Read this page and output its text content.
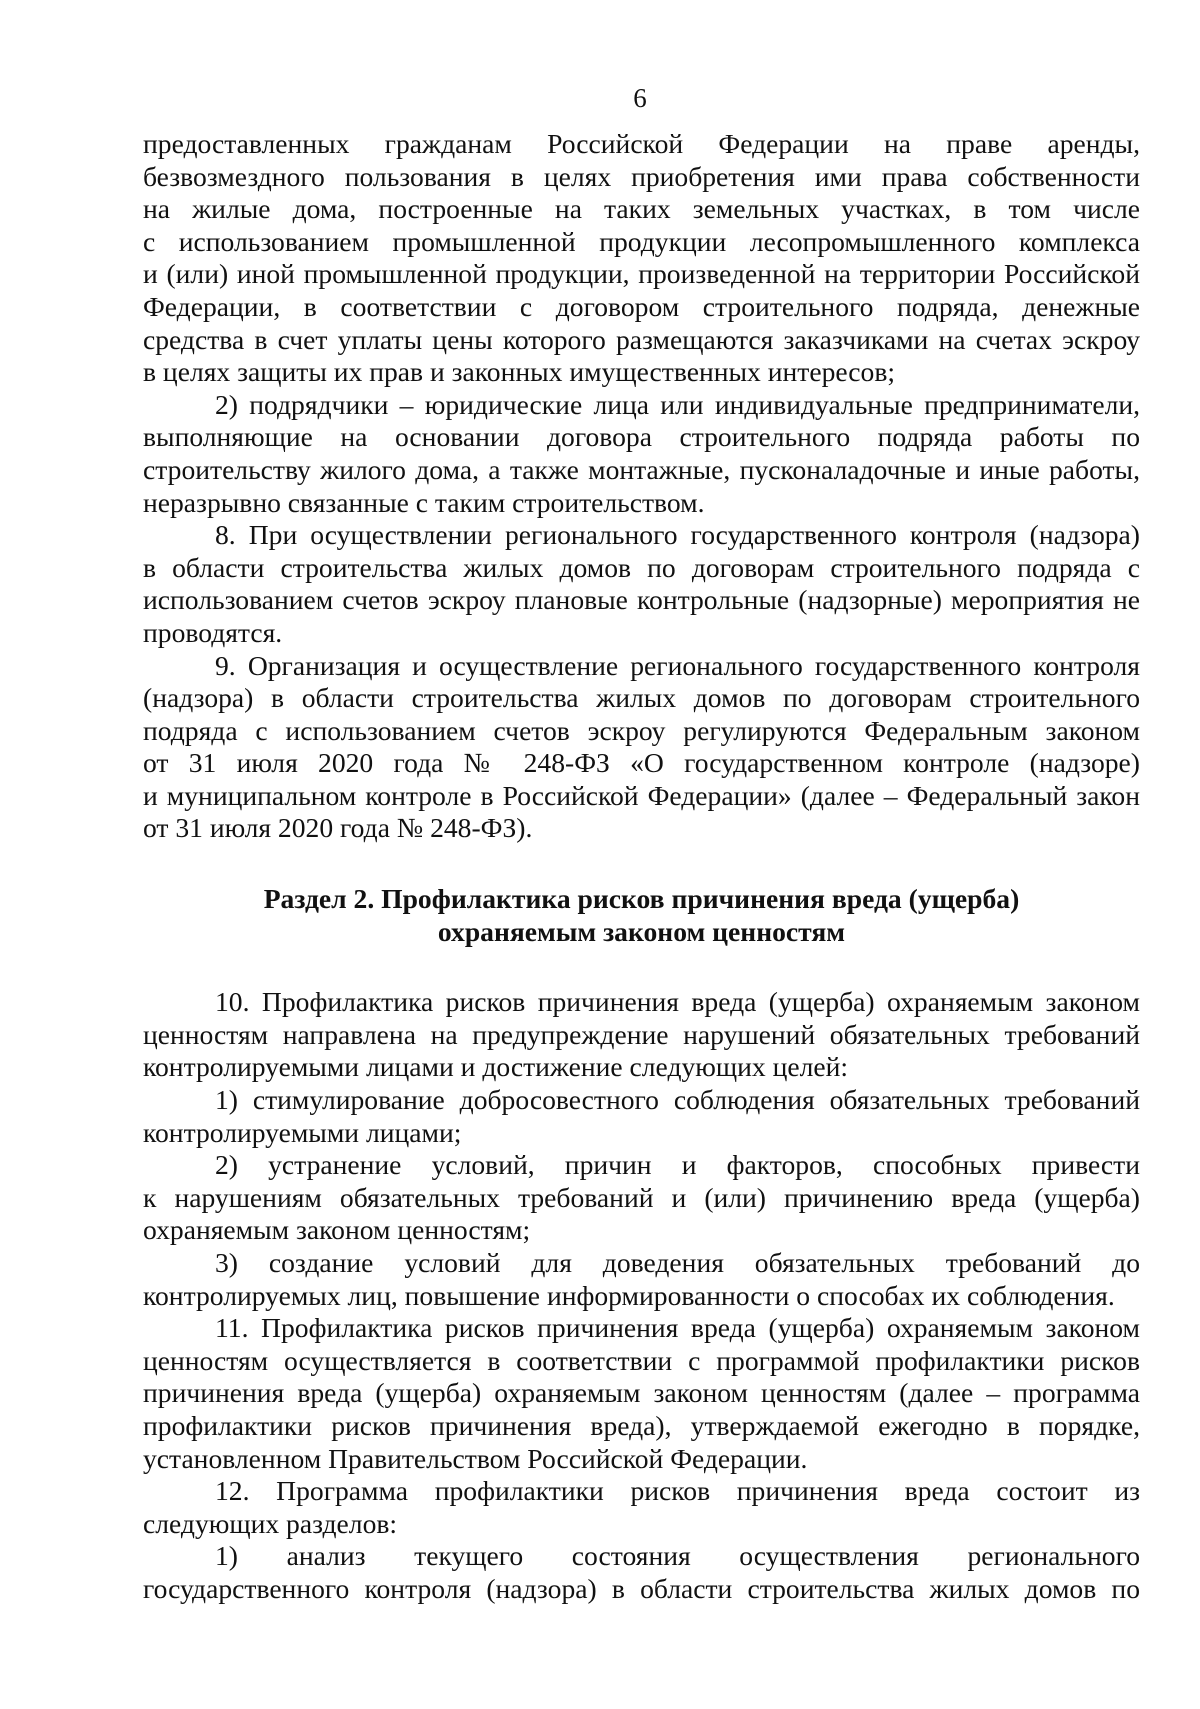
6
предоставленных гражданам Российской Федерации на праве аренды,
безвозмездного пользования в целях приобретения ими права собственности
на жилые дома, построенные на таких земельных участках, в том числе
с использованием промышленной продукции лесопромышленного комплекса
и (или) иной промышленной продукции, произведенной на территории Российской
Федерации, в соответствии с договором строительного подряда, денежные
средства в счет уплаты цены которого размещаются заказчиками на счетах эскроу
в целях защиты их прав и законных имущественных интересов;
2) подрядчики – юридические лица или индивидуальные предприниматели,
выполняющие на основании договора строительного подряда работы по
строительству жилого дома, а также монтажные, пусконаладочные и иные работы,
неразрывно связанные с таким строительством.
8. При осуществлении регионального государственного контроля (надзора)
в области строительства жилых домов по договорам строительного подряда с
использованием счетов эскроу плановые контрольные (надзорные) мероприятия не
проводятся.
9. Организация и осуществление регионального государственного контроля
(надзора) в области строительства жилых домов по договорам строительного
подряда с использованием счетов эскроу регулируются Федеральным законом
от 31 июля 2020 года № 248-ФЗ «О государственном контроле (надзоре)
и муниципальном контроле в Российской Федерации» (далее – Федеральный закон
от 31 июля 2020 года № 248-ФЗ).
Раздел 2. Профилактика рисков причинения вреда (ущерба)
охраняемым законом ценностям
10. Профилактика рисков причинения вреда (ущерба) охраняемым законом
ценностям направлена на предупреждение нарушений обязательных требований
контролируемыми лицами и достижение следующих целей:
1) стимулирование добросовестного соблюдения обязательных требований
контролируемыми лицами;
2) устранение условий, причин и факторов, способных привести
к нарушениям обязательных требований и (или) причинению вреда (ущерба)
охраняемым законом ценностям;
3) создание условий для доведения обязательных требований до
контролируемых лиц, повышение информированности о способах их соблюдения.
11. Профилактика рисков причинения вреда (ущерба) охраняемым законом
ценностям осуществляется в соответствии с программой профилактики рисков
причинения вреда (ущерба) охраняемым законом ценностям (далее – программа
профилактики рисков причинения вреда), утверждаемой ежегодно в порядке,
установленном Правительством Российской Федерации.
12. Программа профилактики рисков причинения вреда состоит из
следующих разделов:
1) анализ текущего состояния осуществления регионального
государственного контроля (надзора) в области строительства жилых домов по
